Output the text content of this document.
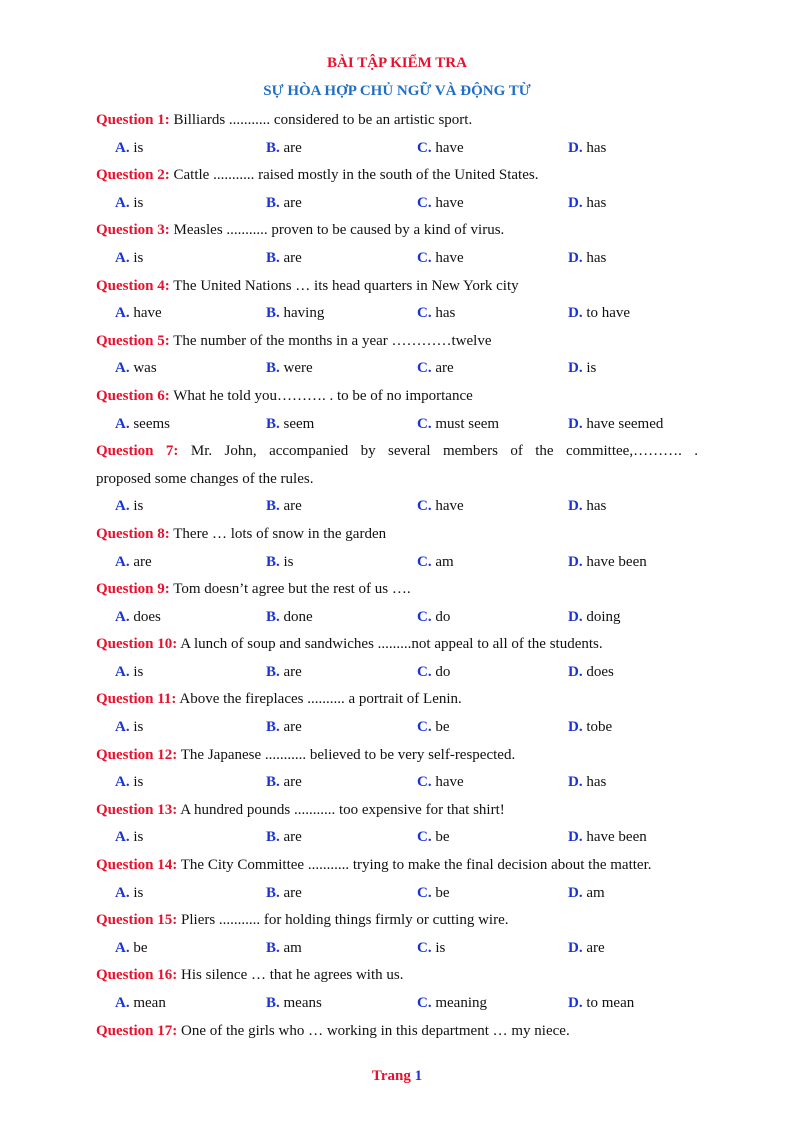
BÀI TẬP KIỂM TRA
SỰ HÒA HỢP CHỦ NGỮ VÀ ĐỘNG TỪ
Question 1: Billiards ........... considered to be an artistic sport.
A. is	B. are	C. have	D. has
Question 2: Cattle ........... raised mostly in the south of the United States.
A. is	B. are	C. have	D. has
Question 3: Measles ........... proven to be caused by a kind of virus.
A. is	B. are	C. have	D. has
Question 4: The United Nations … its head quarters in New York city
A. have	B. having	C. has	D. to have
Question 5: The number of the months in a year …………twelve
A. was	B. were	C. are	D. is
Question 6: What he told you………. . to be of no importance
A. seems	B. seem	C. must seem	D. have seemed
Question 7: Mr. John, accompanied by several members of the committee,………. .
proposed some changes of the rules.
A. is	B. are	C. have	D. has
Question 8: There … lots of snow in the garden
A. are	B. is	C. am	D. have been
Question 9: Tom doesn’t agree but the rest of us ….
A. does	B. done	C. do	D. doing
Question 10: A lunch of soup and sandwiches .........not appeal to all of the students.
A. is	B. are	C. do	D. does
Question 11: Above the fireplaces .......... a portrait of Lenin.
A. is	B. are	C. be	D. tobe
Question 12: The Japanese ........... believed to be very self-respected.
A. is	B. are	C. have	D. has
Question 13: A hundred pounds ........... too expensive for that shirt!
A. is	B. are	C. be	D. have been
Question 14: The City Committee ........... trying to make the final decision about the matter.
A. is	B. are	C. be	D. am
Question 15: Pliers ........... for holding things firmly or cutting wire.
A. be	B. am	C. is	D. are
Question 16: His silence … that he agrees with us.
A. mean	B. means	C. meaning	D. to mean
Question 17: One of the girls who … working in this department … my niece.
Trang 1
